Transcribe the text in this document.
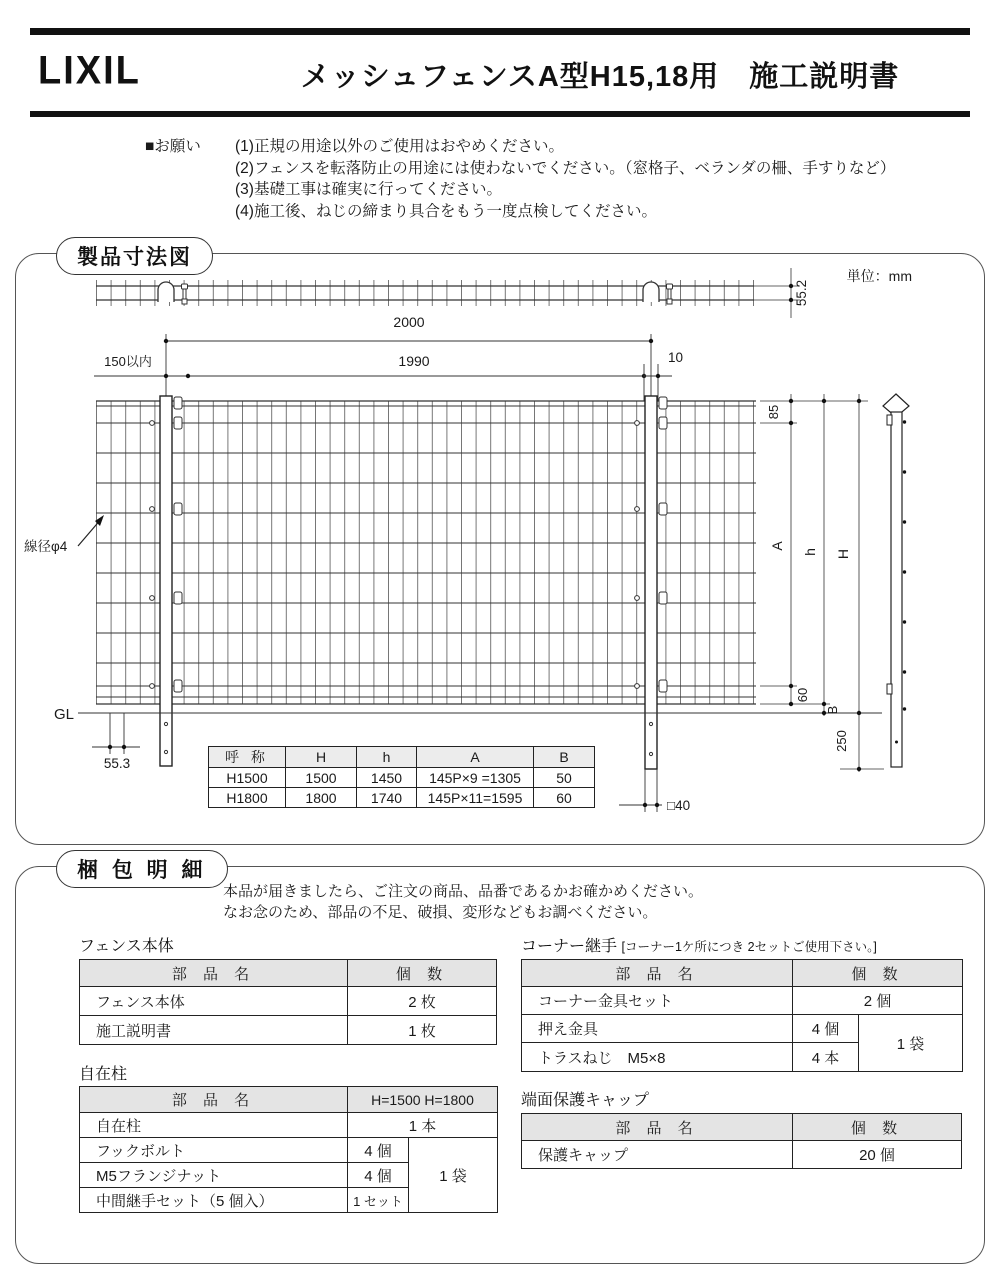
LIXIL	メッシュフェンスA型H15,18用　施工説明書
■お願い (1)正規の用途以外のご使用はおやめください。
(2)フェンスを転落防止の用途には使わないでください。（窓格子、ベランダの柵、手すりなど）
(3)基礎工事は確実に行ってください。
(4)施工後、ねじの締まり具合をもう一度点検してください。
製品寸法図
単位：mm
55.2
2000
150以内	1990	10
GL
55.3
線径φ4
□40
85
A
60
h
B
H
250
呼 称	H	h	A	B
H1500	1500	1450	145P×9 =1305	50
H1800	1800	1740	145P×11=1595	60
梱 包 明 細
本品が届きましたら、ご注文の商品、品番であるかお確かめください。
なお念のため、部品の不足、破損、変形などもお調べください。
フェンス本体
部 品 名	個 数
フェンス本体	2 枚
施工説明書	1 枚
自在柱
部 品 名	H=1500 H=1800	
自在柱	1 本	
フックボルト	4 個	1 袋
M5フランジナット	4 個	
中間継手セット（5 個入）	1 セット	
コーナー継手 [コーナー1ケ所につき 2セットご使用下さい。]
部 品 名	個 数	
コーナー金具セット	2 個	
押え金具	4 個	1 袋
トラスねじ　M5×8	4 本	
端面保護キャップ
部 品 名	個 数
保護キャップ	20 個
